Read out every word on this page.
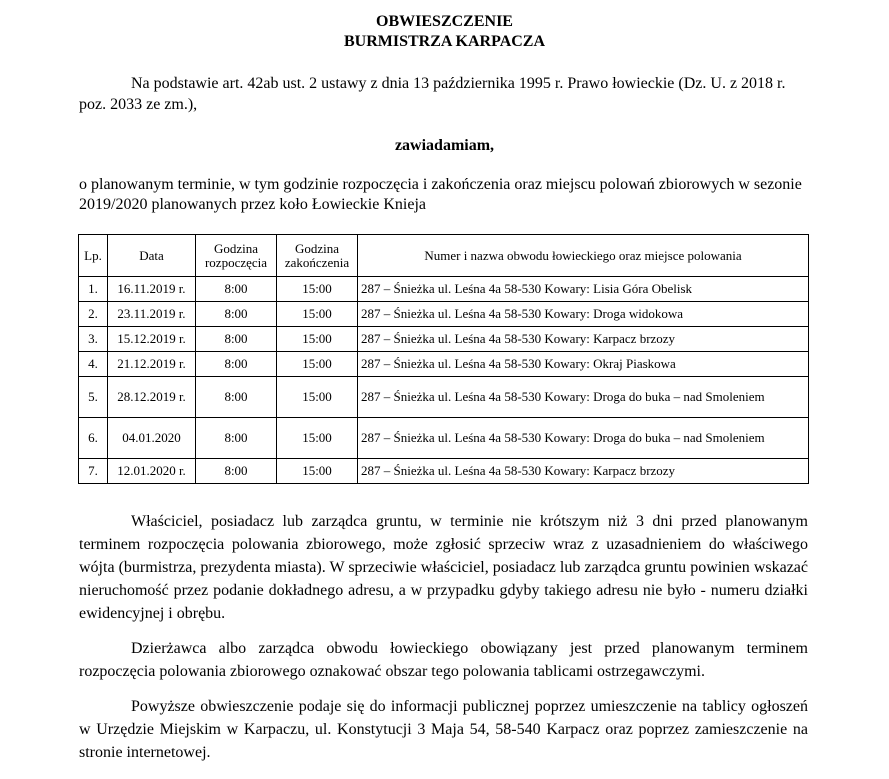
OBWIESZCZENIE
BURMISTRZA KARPACZA

Na podstawie art. 42ab ust. 2 ustawy z dnia 13 października 1995 r. Prawo łowieckie (Dz. U. z 2018 r. poz. 2033 ze zm.),

zawiadamiam,

o planowanym terminie, w tym godzinie rozpoczęcia i zakończenia oraz miejscu polowań zbiorowych w sezonie 2019/2020 planowanych przez koło Łowieckie Knieja

Lp.	Data	Godzina rozpoczęcia	Godzina zakończenia	Numer i nazwa obwodu łowieckiego oraz miejsce polowania
1.	16.11.2019 r.	8:00	15:00	287 – Śnieżka ul. Leśna 4a 58-530 Kowary: Lisia Góra Obelisk
2.	23.11.2019 r.	8:00	15:00	287 – Śnieżka ul. Leśna 4a 58-530 Kowary: Droga widokowa
3.	15.12.2019 r.	8:00	15:00	287 – Śnieżka ul. Leśna 4a 58-530 Kowary: Karpacz brzozy
4.	21.12.2019 r.	8:00	15:00	287 – Śnieżka ul. Leśna 4a 58-530 Kowary: Okraj Piaskowa
5.	28.12.2019 r.	8:00	15:00	287 – Śnieżka ul. Leśna 4a 58-530 Kowary: Droga do buka – nad Smoleniem
6.	04.01.2020	8:00	15:00	287 – Śnieżka ul. Leśna 4a 58-530 Kowary: Droga do buka – nad Smoleniem
7.	12.01.2020 r.	8:00	15:00	287 – Śnieżka ul. Leśna 4a 58-530 Kowary: Karpacz brzozy

Właściciel, posiadacz lub zarządca gruntu, w terminie nie krótszym niż 3 dni przed planowanym terminem rozpoczęcia polowania zbiorowego, może zgłosić sprzeciw wraz z uzasadnieniem do właściwego wójta (burmistrza, prezydenta miasta). W sprzeciwie właściciel, posiadacz lub zarządca gruntu powinien wskazać nieruchomość przez podanie dokładnego adresu, a w przypadku gdyby takiego adresu nie było - numeru działki ewidencyjnej i obrębu.

Dzierżawca albo zarządca obwodu łowieckiego obowiązany jest przed planowanym terminem rozpoczęcia polowania zbiorowego oznakować obszar tego polowania tablicami ostrzegawczymi.

Powyższe obwieszczenie podaje się do informacji publicznej poprzez umieszczenie na tablicy ogłoszeń w Urzędzie Miejskim w Karpaczu, ul. Konstytucji 3 Maja 54, 58-540 Karpacz oraz poprzez zamieszczenie na stronie internetowej.
